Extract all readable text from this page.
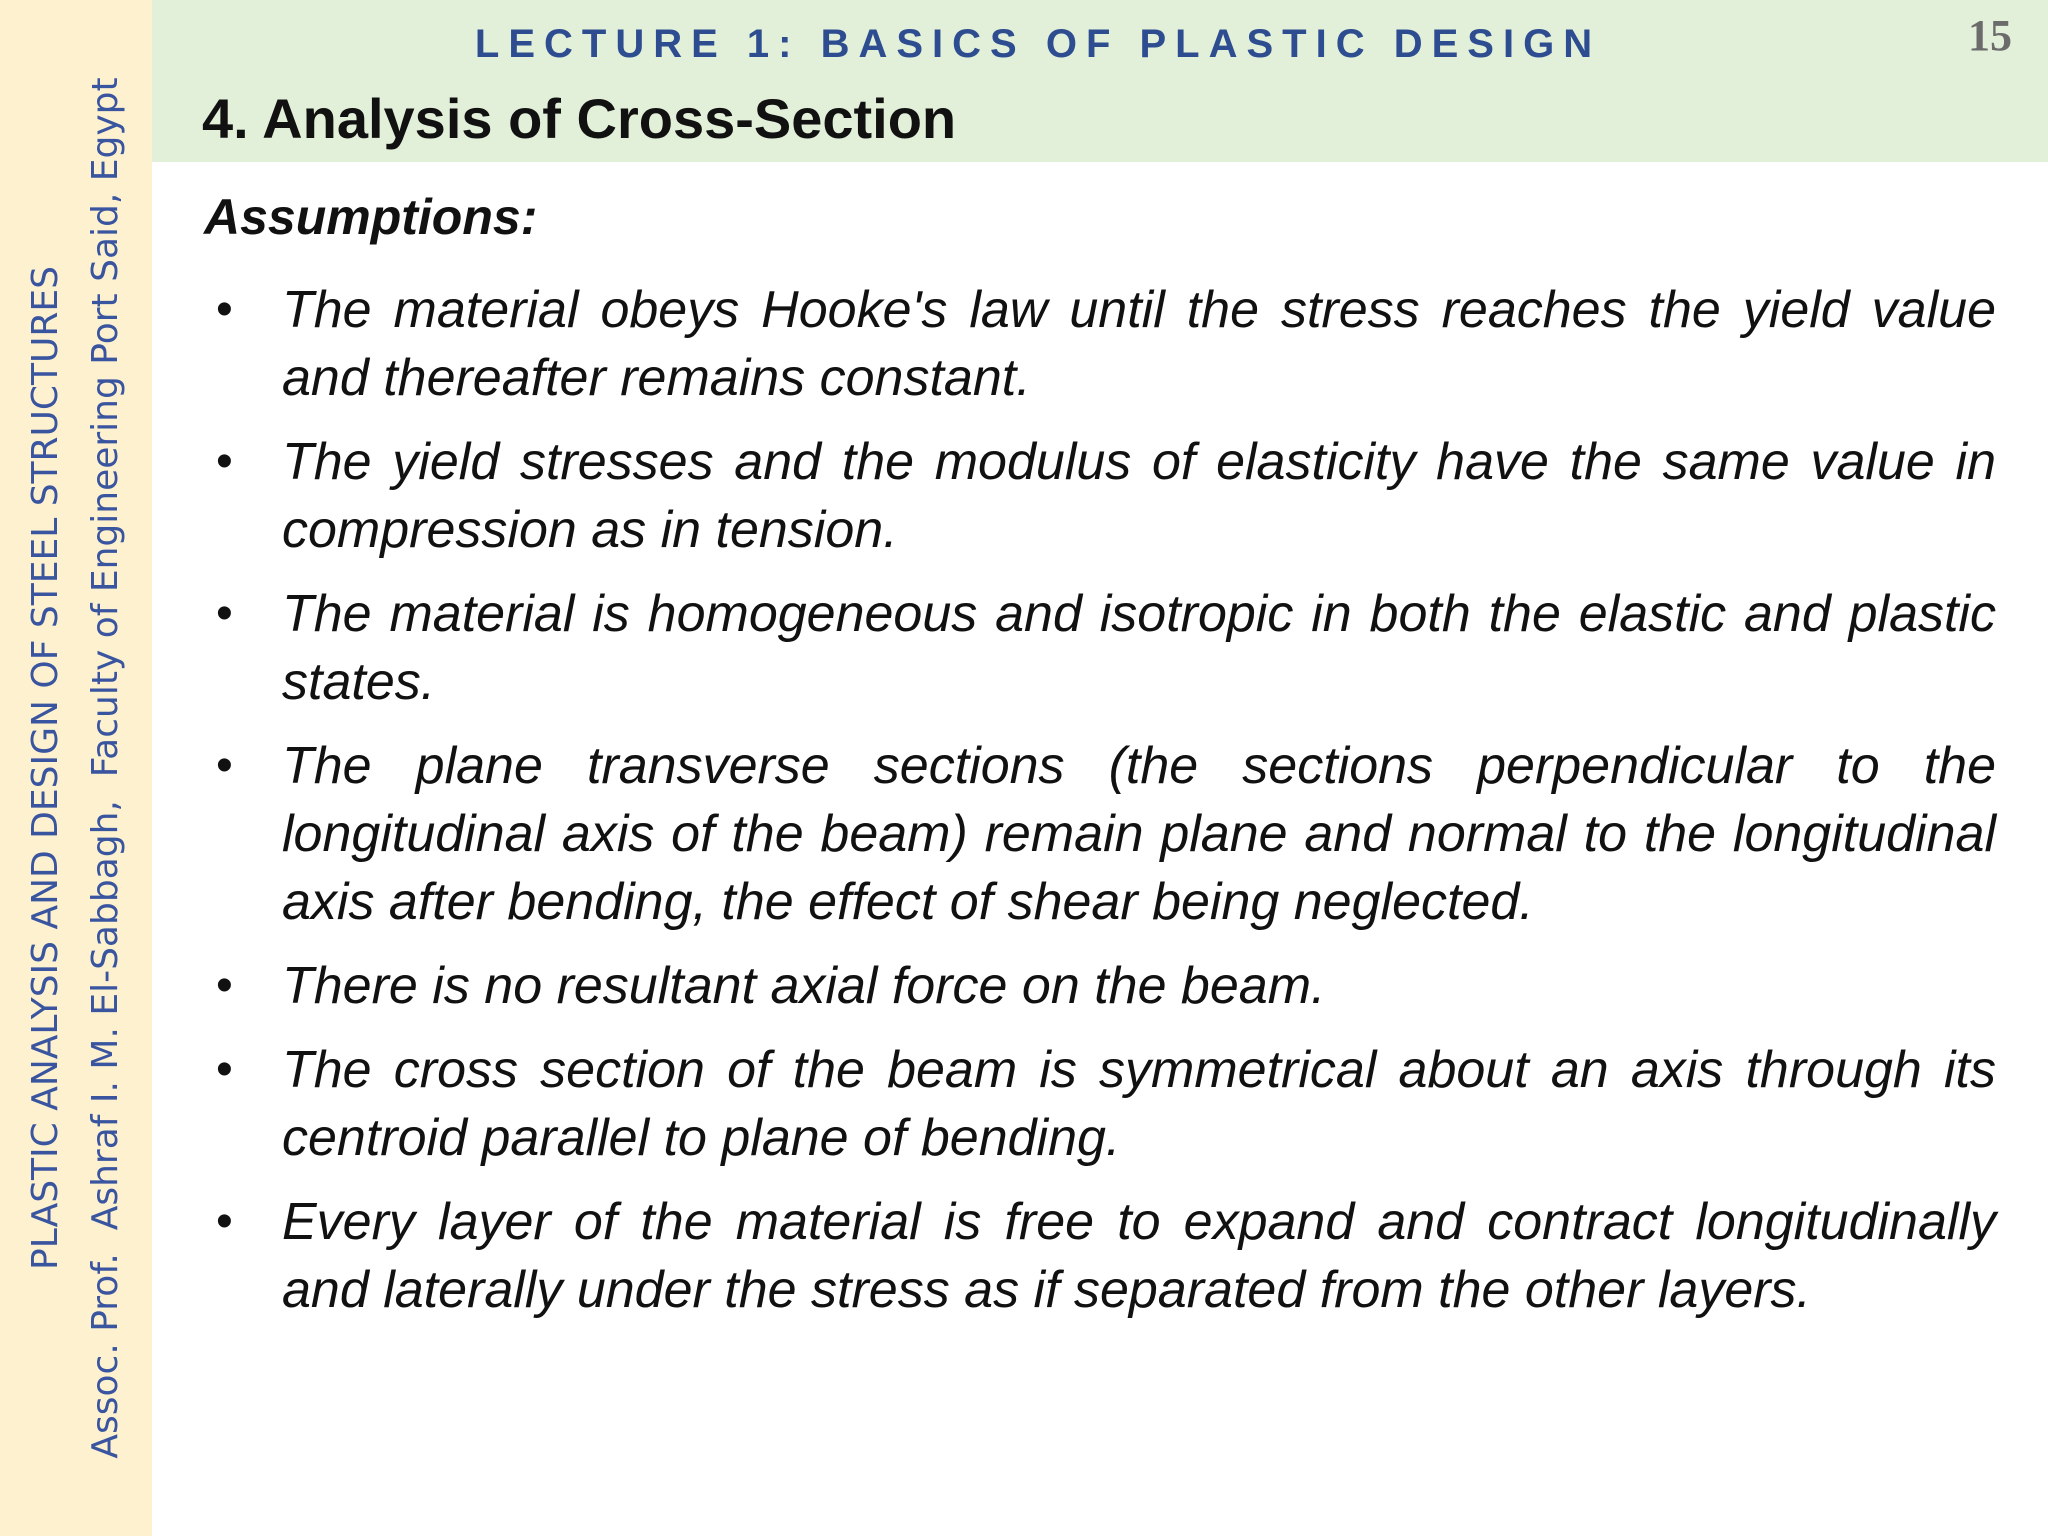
PLASTIC ANALYSIS AND DESIGN OF STEEL STRUCTURES Assoc. Prof.  Ashraf I. M. El-Sabbagh,  Faculty of Engineering Port Said, Egypt
LECTURE 1: BASICS OF PLASTIC DESIGN	15
4. Analysis of Cross-Section
Assumptions:
• The material obeys Hooke's law until the stress reaches the yield value and thereafter remains constant.
• The yield stresses and the modulus of elasticity have the same value in compression as in tension.
• The material is homogeneous and isotropic in both the elastic and plastic states.
• The plane transverse sections (the sections perpendicular to the longitudinal axis of the beam) remain plane and normal to the longitudinal axis after bending, the effect of shear being neglected.
• There is no resultant axial force on the beam.
• The cross section of the beam is symmetrical about an axis through its centroid parallel to plane of bending.
• Every layer of the material is free to expand and contract longitudinally and laterally under the stress as if separated from the other layers.
